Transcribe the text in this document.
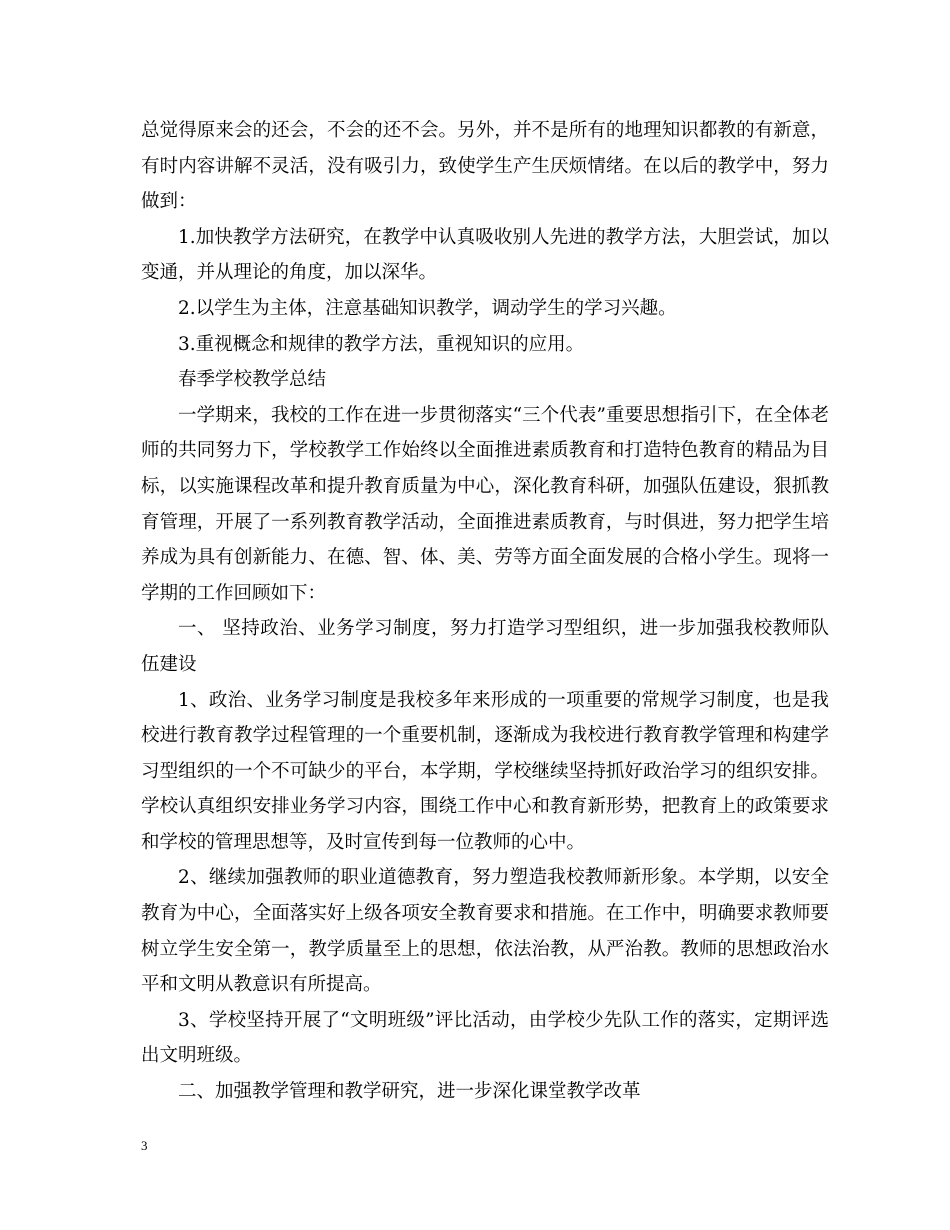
总觉得原来会的还会，不会的还不会。另外，并不是所有的地理知识都教的有新意，有时内容讲解不灵活，没有吸引力，致使学生产生厌烦情绪。在以后的教学中，努力做到：

1.加快教学方法研究，在教学中认真吸收别人先进的教学方法，大胆尝试，加以变通，并从理论的角度，加以深华。

2.以学生为主体，注意基础知识教学，调动学生的学习兴趣。

3.重视概念和规律的教学方法，重视知识的应用。

春季学校教学总结

一学期来，我校的工作在进一步贯彻落实“三个代表”重要思想指引下，在全体老师的共同努力下，学校教学工作始终以全面推进素质教育和打造特色教育的精品为目标，以实施课程改革和提升教育质量为中心，深化教育科研，加强队伍建设，狠抓教育管理，开展了一系列教育教学活动，全面推进素质教育，与时俱进，努力把学生培养成为具有创新能力、在德、智、体、美、劳等方面全面发展的合格小学生。现将一学期的工作回顾如下：

一、 坚持政治、业务学习制度，努力打造学习型组织，进一步加强我校教师队伍建设

1、政治、业务学习制度是我校多年来形成的一项重要的常规学习制度，也是我校进行教育教学过程管理的一个重要机制，逐渐成为我校进行教育教学管理和构建学习型组织的一个不可缺少的平台，本学期，学校继续坚持抓好政治学习的组织安排。学校认真组织安排业务学习内容，围绕工作中心和教育新形势，把教育上的政策要求和学校的管理思想等，及时宣传到每一位教师的心中。

2、继续加强教师的职业道德教育，努力塑造我校教师新形象。本学期，以安全教育为中心，全面落实好上级各项安全教育要求和措施。在工作中，明确要求教师要树立学生安全第一，教学质量至上的思想，依法治教，从严治教。教师的思想政治水平和文明从教意识有所提高。

3、学校坚持开展了“文明班级”评比活动，由学校少先队工作的落实，定期评选出文明班级。

二、加强教学管理和教学研究，进一步深化课堂教学改革

3
